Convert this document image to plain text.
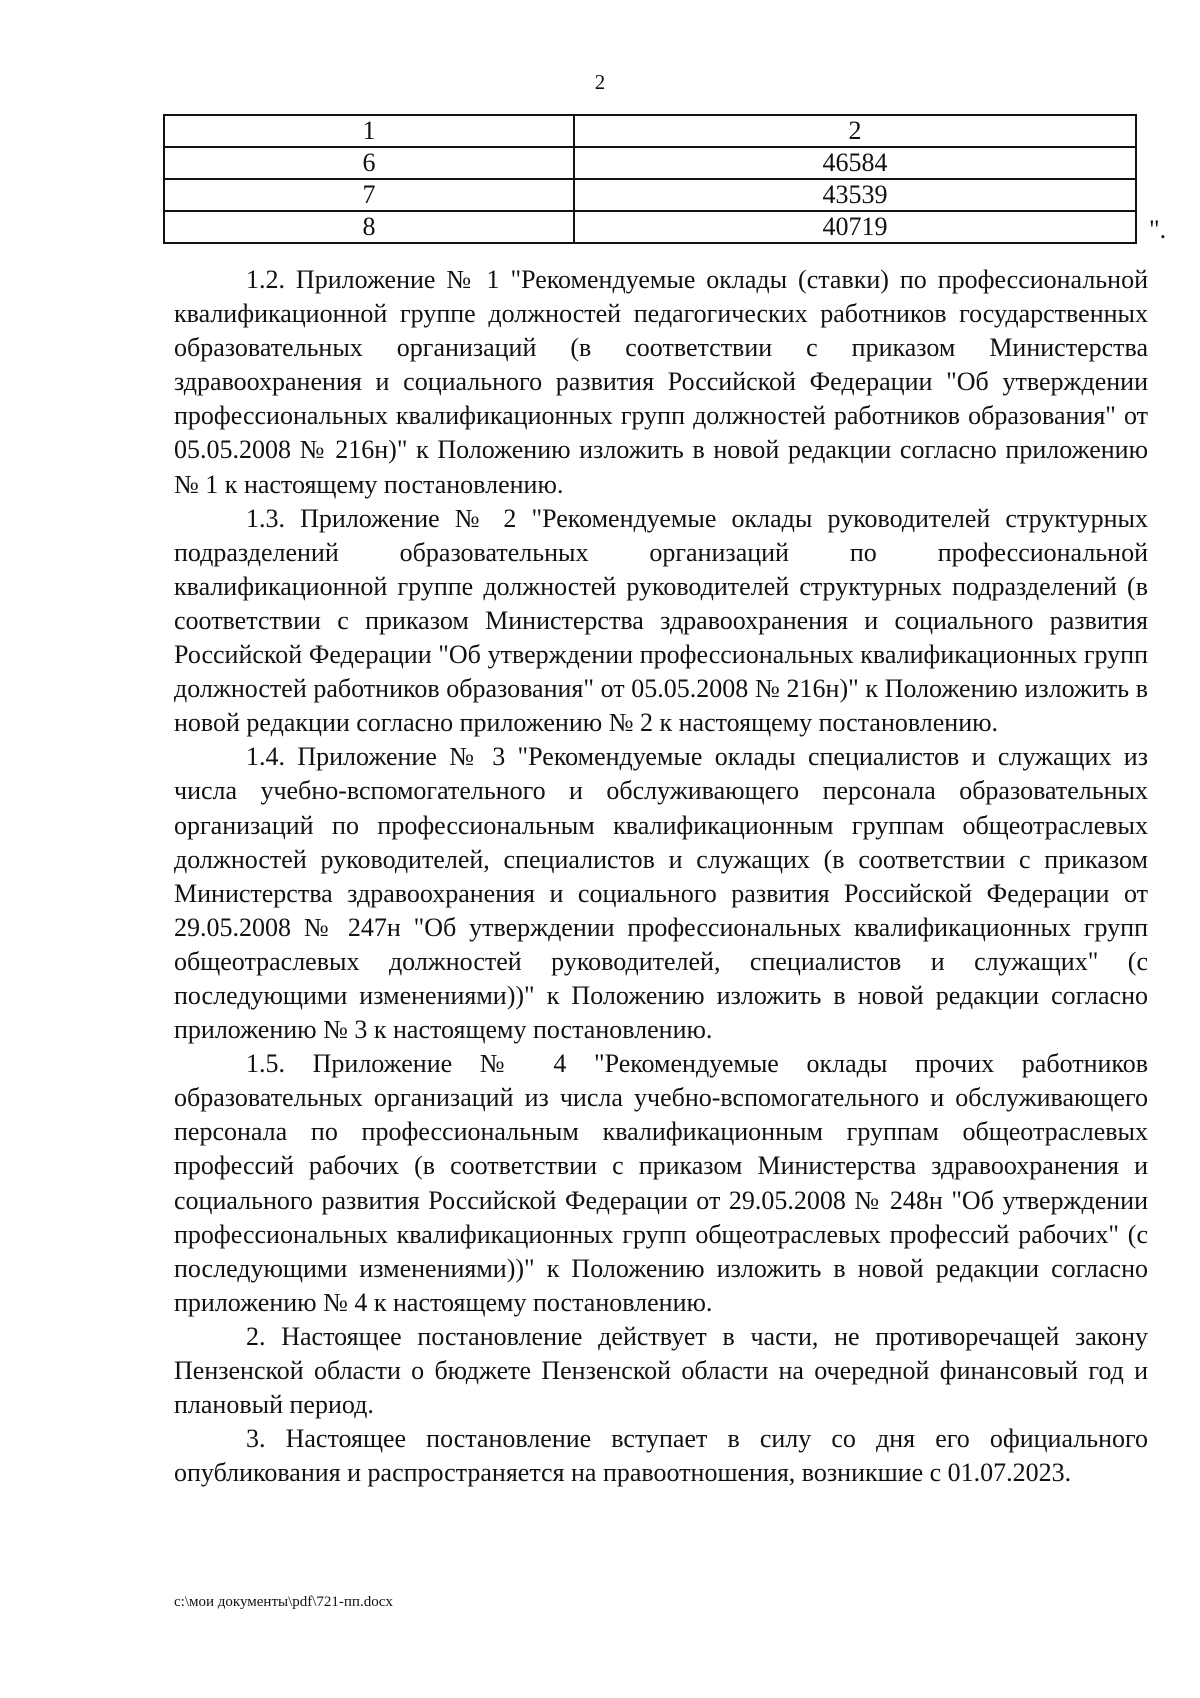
2
1	2
6	46584
7	43539
8	40719	".

1.2. Приложение № 1 "Рекомендуемые оклады (ставки) по профессиональной квалификационной группе должностей педагогических работников государственных образовательных организаций (в соответствии с приказом Министерства здравоохранения и социального развития Российской Федерации "Об утверждении профессиональных квалификационных групп должностей работников образования" от 05.05.2008 № 216н)" к Положению изложить в новой редакции согласно приложению № 1 к настоящему постановлению.

1.3. Приложение № 2 "Рекомендуемые оклады руководителей структурных подразделений образовательных организаций по профессиональной квалификационной группе должностей руководителей структурных подразделений (в соответствии с приказом Министерства здравоохранения и социального развития Российской Федерации "Об утверждении профессиональных квалификационных групп должностей работников образования" от 05.05.2008 № 216н)" к Положению изложить в новой редакции согласно приложению № 2 к настоящему постановлению.

1.4. Приложение № 3 "Рекомендуемые оклады специалистов и служащих из числа учебно-вспомогательного и обслуживающего персонала образовательных организаций по профессиональным квалификационным группам общеотраслевых должностей руководителей, специалистов и служащих (в соответствии с приказом Министерства здравоохранения и социального развития Российской Федерации от 29.05.2008 № 247н "Об утверждении профессиональных квалификационных групп общеотраслевых должностей руководителей, специалистов и служащих" (с последующими изменениями))" к Положению изложить в новой редакции согласно приложению № 3 к настоящему постановлению.

1.5. Приложение № 4 "Рекомендуемые оклады прочих работников образовательных организаций из числа учебно-вспомогательного и обслуживающего персонала по профессиональным квалификационным группам общеотраслевых профессий рабочих (в соответствии с приказом Министерства здравоохранения и социального развития Российской Федерации от 29.05.2008 № 248н "Об утверждении профессиональных квалификационных групп общеотраслевых профессий рабочих" (с последующими изменениями))" к Положению изложить в новой редакции согласно приложению № 4 к настоящему постановлению.

2. Настоящее постановление действует в части, не противоречащей закону Пензенской области о бюджете Пензенской области на очередной финансовый год и плановый период.

3. Настоящее постановление вступает в силу со дня его официального опубликования и распространяется на правоотношения, возникшие с 01.07.2023.

c:\мои документы\pdf\721-пп.docx
